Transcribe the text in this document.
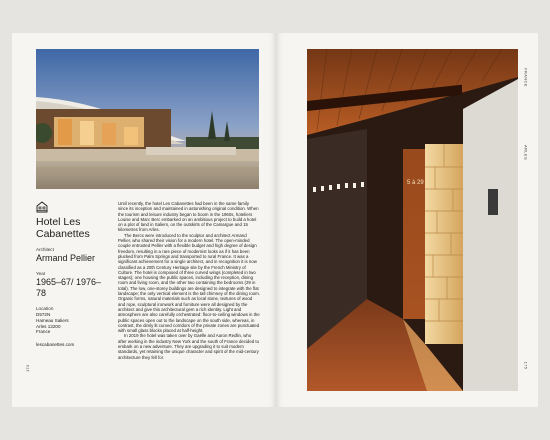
Hotel Les Cabanettes
Architect
Armand Pellier
Year
1965–67/ 1976–78
Location
D572N
Hameau Saliers
Arles 13200
France
lescabanettes.com

Until recently, the hotel Les Cabanettes had been in the same family since its inception and maintained in astonishing original condition. When the tourism and leisure industry began to boom in the 1960s, hoteliers Louise and Marc Berc embarked on an ambitious project to build a hotel on a plot of land in Saliers, on the outskirts of the Camargue and 15 kilometres from Arles.

The Bercs were introduced to the sculptor and architect Armand Pellier, who shared their vision for a modern hotel. The open-minded couple entrusted Pellier with a flexible budget and high degree of design freedom, resulting in a rare piece of modernist looks as if it has been plucked from Palm Springs and transported to rural France. It was a significant achievement for a single architect, and in recognition it is now classified as a 20th Century Heritage site by the French Ministry of Culture. The hotel is composed of three curved wings (completed in two stages); one housing the public spaces, including the reception, dining room and living room, and the other two containing the bedrooms (29 in total). The low, one-storey buildings are designed to integrate with the flat landscape; the only vertical element is the tall chimney of the dining room. Organic forms, natural materials such as local stone, textures of wood and rope, sculptural ironwork and furniture were all designed by the architect and give this architectural gem a rich identity. Light and atmosphere are also carefully orchestrated: floor-to-ceiling windows in the public spaces open out to the landscape on the south side, whereas, in contrast, the dimly lit curved corridors of the private zones are punctuated with small glass blocks placed at half-height.

In 2019 the hotel was taken over by Gaëlle and Aaron Redlin, who after working in the industry New York and the south of France decided to embark on a new adventure. They are upgrading it to suit modern standards, yet retaining the unique character and spirit of the mid-century architecture they fell for.

174
5 à 29
FRANCE
ARLES
175
